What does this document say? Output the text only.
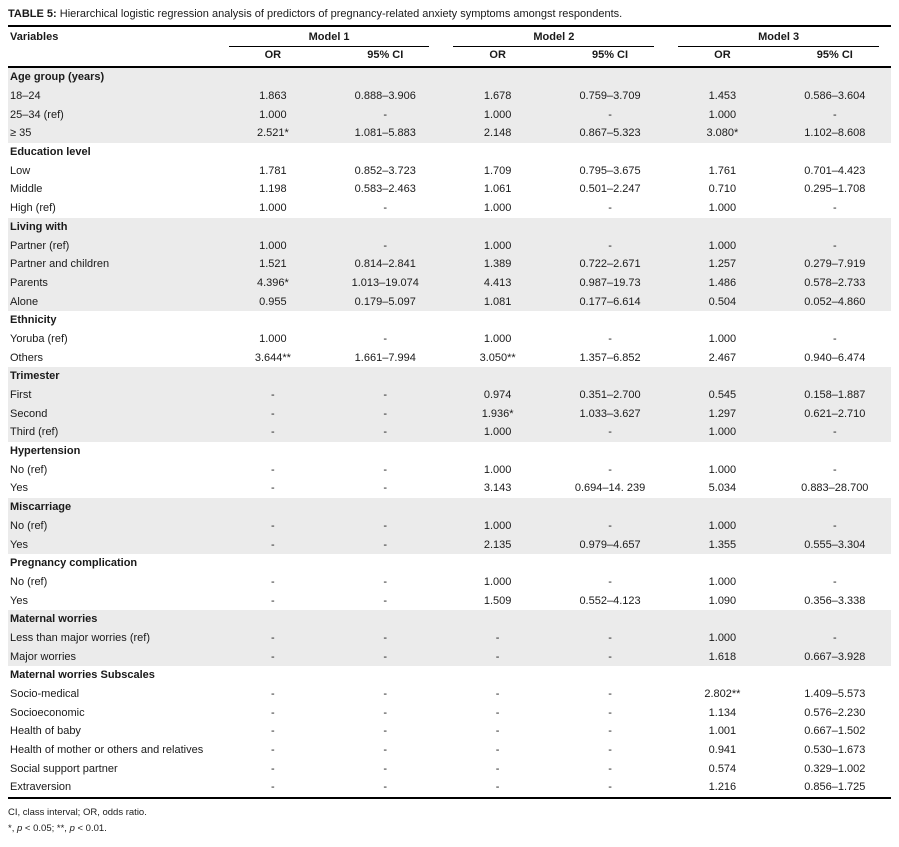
TABLE 5: Hierarchical logistic regression analysis of predictors of pregnancy-related anxiety symptoms amongst respondents.
Variables	Model 1		Model 2		Model 3	

	OR	95% CI	OR	95% CI	OR	95% CI
Age group (years)						
18–24	1.863	0.888–3.906	1.678	0.759–3.709	1.453	0.586–3.604
25–34 (ref)	1.000	-	1.000	-	1.000	-
≥ 35	2.521*	1.081–5.883	2.148	0.867–5.323	3.080*	1.102–8.608
Education level						
Low	1.781	0.852–3.723	1.709	0.795–3.675	1.761	0.701–4.423
Middle	1.198	0.583–2.463	1.061	0.501–2.247	0.710	0.295–1.708
High (ref)	1.000	-	1.000	-	1.000	-
Living with						
Partner (ref)	1.000	-	1.000	-	1.000	-
Partner and children	1.521	0.814–2.841	1.389	0.722–2.671	1.257	0.279–7.919
Parents	4.396*	1.013–19.074	4.413	0.987–19.73	1.486	0.578–2.733
Alone	0.955	0.179–5.097	1.081	0.177–6.614	0.504	0.052–4.860
Ethnicity						
Yoruba (ref)	1.000	-	1.000	-	1.000	-
Others	3.644**	1.661–7.994	3.050**	1.357–6.852	2.467	0.940–6.474
Trimester						
First	-	-	0.974	0.351–2.700	0.545	0.158–1.887
Second	-	-	1.936*	1.033–3.627	1.297	0.621–2.710
Third (ref)	-	-	1.000	-	1.000	-
Hypertension						
No (ref)	-	-	1.000	-	1.000	-
Yes	-	-	3.143	0.694–14. 239	5.034	0.883–28.700
Miscarriage						
No (ref)	-	-	1.000	-	1.000	-
Yes	-	-	2.135	0.979–4.657	1.355	0.555–3.304
Pregnancy complication						
No (ref)	-	-	1.000	-	1.000	-
Yes	-	-	1.509	0.552–4.123	1.090	0.356–3.338
Maternal worries						
Less than major worries (ref)	-	-	-	-	1.000	-
Major worries	-	-	-	-	1.618	0.667–3.928
Maternal worries Subscales						
Socio-medical	-	-	-	-	2.802**	1.409–5.573
Socioeconomic	-	-	-	-	1.134	0.576–2.230
Health of baby	-	-	-	-	1.001	0.667–1.502
Health of mother or others and relatives	-	-	-	-	0.941	0.530–1.673
Social support partner	-	-	-	-	0.574	0.329–1.002
Extraversion	-	-	-	-	1.216	0.856–1.725
CI, class interval; OR, odds ratio.
*, p < 0.05; **, p < 0.01.
